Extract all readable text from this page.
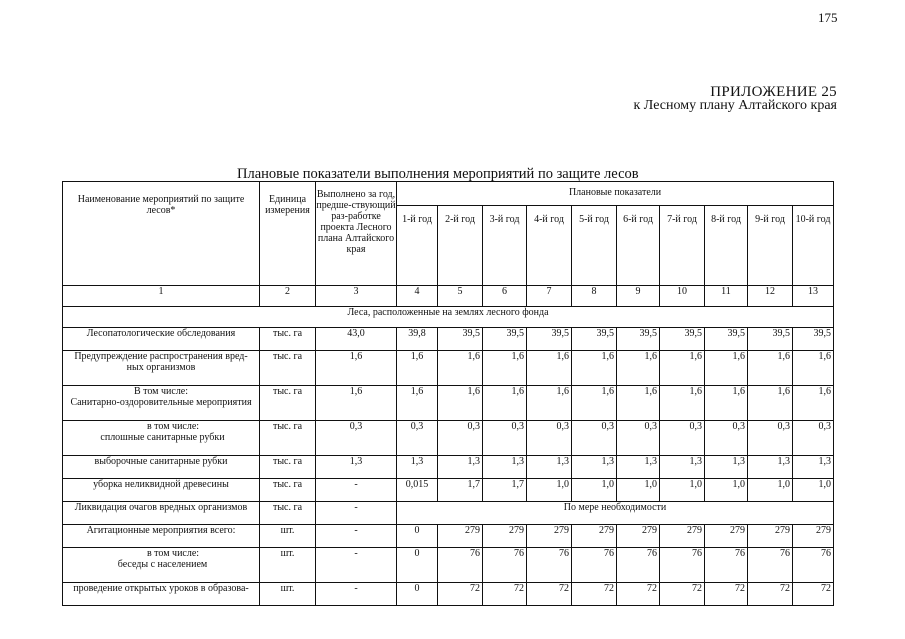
175
ПРИЛОЖЕНИЕ 25
к Лесному плану Алтайского края
Плановые показатели выполнения мероприятий по защите лесов
Наименование мероприятий по защите лесов*	Единица измерения	Выполнено за год, предше-ствующий раз-работке проекта Лесного плана Алтайского края	Плановые показатели									
			1-й год	2-й год	3-й год	4-й год	5-й год	6-й год	7-й год	8-й год	9-й год	10-й год
1	2	3	4	5	6	7	8	9	10	11	12	13
Леса, расположенные на землях лесного фонда												

Лесопатологические обследования	тыс. га	43,0	39,8	39,5	39,5	39,5	39,5	39,5	39,5	39,5	39,5	39,5

Предупреждение распространения вред-
ных организмов	тыс. га	1,6	1,6	1,6	1,6	1,6	1,6	1,6	1,6	1,6	1,6	1,6

В том числе:
Санитарно-оздоровительные мероприятия	тыс. га	1,6	1,6	1,6	1,6	1,6	1,6	1,6	1,6	1,6	1,6	1,6

в том числе:
сплошные санитарные рубки	тыс. га	0,3	0,3	0,3	0,3	0,3	0,3	0,3	0,3	0,3	0,3	0,3

выборочные санитарные рубки	тыс. га	1,3	1,3	1,3	1,3	1,3	1,3	1,3	1,3	1,3	1,3	1,3

уборка неликвидной древесины	тыс. га	-	0,015	1,7	1,7	1,0	1,0	1,0	1,0	1,0	1,0	1,0

Ликвидация очагов вредных организмов	тыс. га	-	По мере необходимости									

Агитационные мероприятия всего:	шт.	-	0	279	279	279	279	279	279	279	279	279

в том числе:
беседы с населением	шт.	-	0	76	76	76	76	76	76	76	76	76

проведение открытых уроков в образова-	шт.	-	0	72	72	72	72	72	72	72	72	72
